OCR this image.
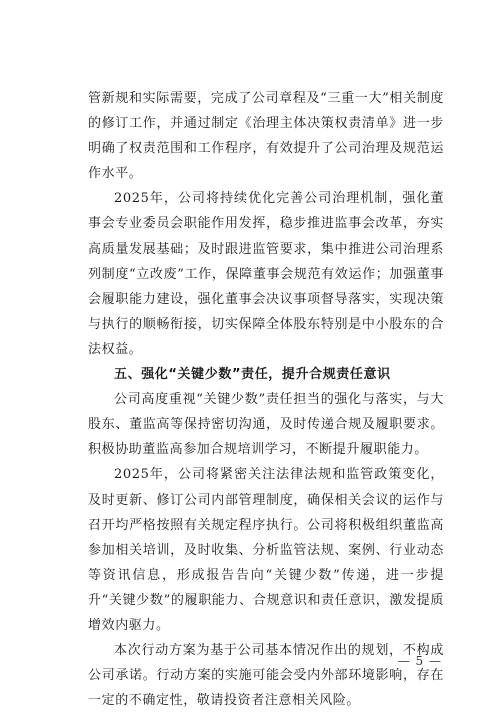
管新规和实际需要，完成了公司章程及“三重一大”相关制度的修订工作，并通过制定《治理主体决策权责清单》进一步明确了权责范围和工作程序，有效提升了公司治理及规范运作水平。

2025年，公司将持续优化完善公司治理机制，强化董事会专业委员会职能作用发挥，稳步推进监事会改革，夯实高质量发展基础；及时跟进监管要求，集中推进公司治理系列制度“立改废”工作，保障董事会规范有效运作；加强董事会履职能力建设，强化董事会决议事项督导落实，实现决策与执行的顺畅衔接，切实保障全体股东特别是中小股东的合法权益。

五、强化“关键少数”责任，提升合规责任意识

公司高度重视“关键少数”责任担当的强化与落实，与大股东、董监高等保持密切沟通，及时传递合规及履职要求。积极协助董监高参加合规培训学习，不断提升履职能力。

2025年，公司将紧密关注法律法规和监管政策变化，及时更新、修订公司内部管理制度，确保相关会议的运作与召开均严格按照有关规定程序执行。公司将积极组织董监高参加相关培训，及时收集、分析监管法规、案例、行业动态等资讯信息，形成报告告向“关键少数”传递，进一步提升“关键少数”的履职能力、合规意识和责任意识，激发提质增效内驱力。

本次行动方案为基于公司基本情况作出的规划，不构成公司承诺。行动方案的实施可能会受内外部环境影响，存在一定的不确定性，敬请投资者注意相关风险。

— 5 —
